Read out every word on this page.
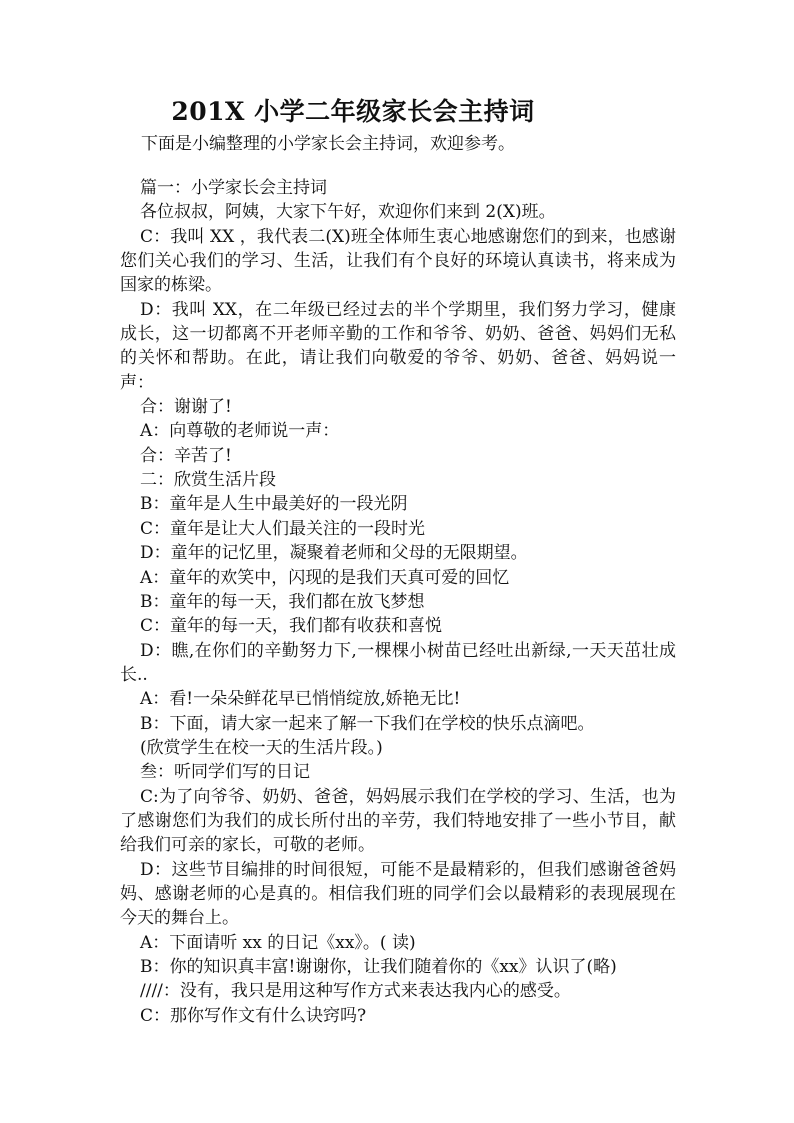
201X 小学二年级家长会主持词
下面是小编整理的小学家长会主持词，欢迎参考。

篇一：小学家长会主持词

各位叔叔，阿姨，大家下午好，欢迎你们来到 2(X)班。

C：我叫 XX ，我代表二(X)班全体师生衷心地感谢您们的到来，也感谢您们关心我们的学习、生活，让我们有个良好的环境认真读书，将来成为国家的栋梁。

D：我叫 XX，在二年级已经过去的半个学期里，我们努力学习，健康成长，这一切都离不开老师辛勤的工作和爷爷、奶奶、爸爸、妈妈们无私的关怀和帮助。在此，请让我们向敬爱的爷爷、奶奶、爸爸、妈妈说一声：

合：谢谢了!

A：向尊敬的老师说一声：

合：辛苦了!

二：欣赏生活片段

B：童年是人生中最美好的一段光阴

C：童年是让大人们最关注的一段时光

D：童年的记忆里，凝聚着老师和父母的无限期望。

A：童年的欢笑中，闪现的是我们天真可爱的回忆

B：童年的每一天，我们都在放飞梦想

C：童年的每一天，我们都有收获和喜悦

D：瞧,在你们的辛勤努力下,一棵棵小树苗已经吐出新绿,一天天茁壮成长..

A：看!一朵朵鲜花早已悄悄绽放,娇艳无比!

B：下面，请大家一起来了解一下我们在学校的快乐点滴吧。

(欣赏学生在校一天的生活片段。)

叁：听同学们写的日记

C:为了向爷爷、奶奶、爸爸，妈妈展示我们在学校的学习、生活，也为了感谢您们为我们的成长所付出的辛劳，我们特地安排了一些小节目，献给我们可亲的家长，可敬的老师。

D：这些节目编排的时间很短，可能不是最精彩的，但我们感谢爸爸妈妈、感谢老师的心是真的。相信我们班的同学们会以最精彩的表现展现在今天的舞台上。

A：下面请听 xx 的日记《xx》。( 读)

B：你的知识真丰富!谢谢你，让我们随着你的《xx》认识了(略)

////：没有，我只是用这种写作方式来表达我内心的感受。

C：那你写作文有什么诀窍吗?
